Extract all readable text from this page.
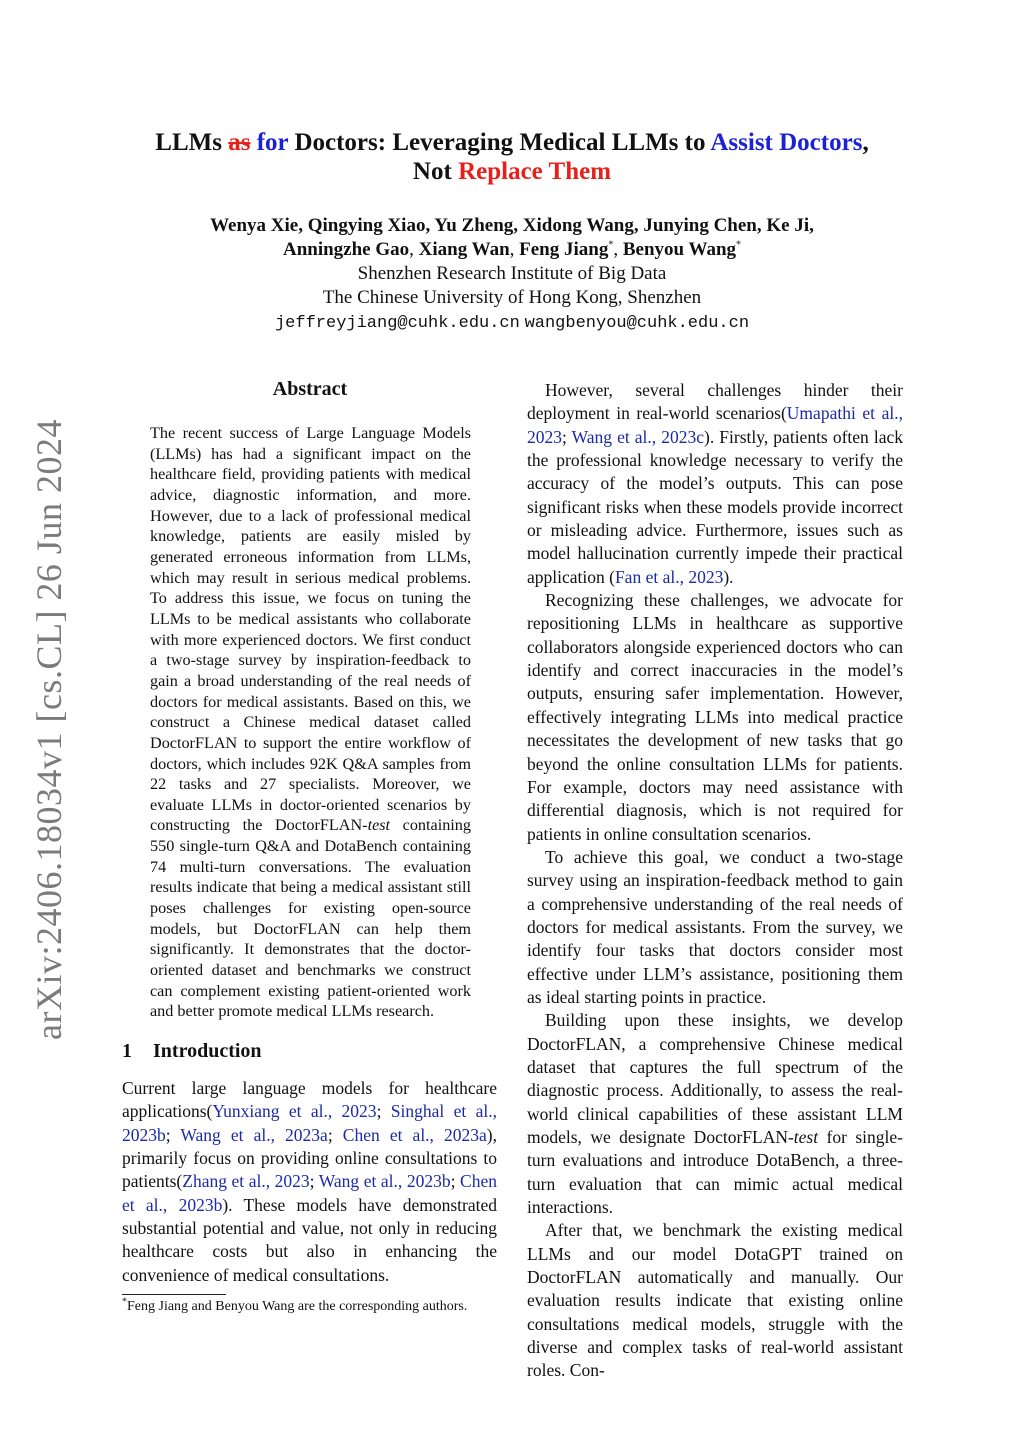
LLMs as for Doctors: Leveraging Medical LLMs to Assist Doctors,
Not Replace Them
Wenya Xie, Qingying Xiao, Yu Zheng, Xidong Wang, Junying Chen, Ke Ji,
Anningzhe Gao, Xiang Wan, Feng Jiang*, Benyou Wang*
Shenzhen Research Institute of Big Data
The Chinese University of Hong Kong, Shenzhen
jeffreyjiang@cuhk.edu.cn wangbenyou@cuhk.edu.cn
arXiv:2406.18034v1 [cs.CL] 26 Jun 2024
Abstract
The recent success of Large Language Models (LLMs) has had a significant impact on the healthcare field, providing patients with medical advice, diagnostic information, and more. However, due to a lack of professional medical knowledge, patients are easily misled by generated erroneous information from LLMs, which may result in serious medical problems. To address this issue, we focus on tuning the LLMs to be medical assistants who collaborate with more experienced doctors. We first conduct a two-stage survey by inspiration-feedback to gain a broad understanding of the real needs of doctors for medical assistants. Based on this, we construct a Chinese medical dataset called DoctorFLAN to support the entire workflow of doctors, which includes 92K Q&A samples from 22 tasks and 27 specialists. Moreover, we evaluate LLMs in doctor-oriented scenarios by constructing the DoctorFLAN-test containing 550 single-turn Q&A and DotaBench containing 74 multi-turn conversations. The evaluation results indicate that being a medical assistant still poses challenges for existing open-source models, but DoctorFLAN can help them significantly. It demonstrates that the doctor-oriented dataset and benchmarks we construct can complement existing patient-oriented work and better promote medical LLMs research.
1 Introduction

Current large language models for healthcare applications(Yunxiang et al., 2023; Singhal et al., 2023b; Wang et al., 2023a; Chen et al., 2023a), primarily focus on providing online consultations to patients(Zhang et al., 2023; Wang et al., 2023b; Chen et al., 2023b). These models have demonstrated substantial potential and value, not only in reducing healthcare costs but also in enhancing the convenience of medical consultations.

*Feng Jiang and Benyou Wang are the corresponding authors.

However, several challenges hinder their deployment in real-world scenarios(Umapathi et al., 2023; Wang et al., 2023c). Firstly, patients often lack the professional knowledge necessary to verify the accuracy of the model’s outputs. This can pose significant risks when these models provide incorrect or misleading advice. Furthermore, issues such as model hallucination currently impede their practical application (Fan et al., 2023).

Recognizing these challenges, we advocate for repositioning LLMs in healthcare as supportive collaborators alongside experienced doctors who can identify and correct inaccuracies in the model’s outputs, ensuring safer implementation. However, effectively integrating LLMs into medical practice necessitates the development of new tasks that go beyond the online consultation LLMs for patients. For example, doctors may need assistance with differential diagnosis, which is not required for patients in online consultation scenarios.

To achieve this goal, we conduct a two-stage survey using an inspiration-feedback method to gain a comprehensive understanding of the real needs of doctors for medical assistants. From the survey, we identify four tasks that doctors consider most effective under LLM’s assistance, positioning them as ideal starting points in practice.

Building upon these insights, we develop DoctorFLAN, a comprehensive Chinese medical dataset that captures the full spectrum of the diagnostic process. Additionally, to assess the real-world clinical capabilities of these assistant LLM models, we designate DoctorFLAN-test for single-turn evaluations and introduce DotaBench, a three-turn evaluation that can mimic actual medical interactions.

After that, we benchmark the existing medical LLMs and our model DotaGPT trained on DoctorFLAN automatically and manually. Our evaluation results indicate that existing online consultations medical models, struggle with the diverse and complex tasks of real-world assistant roles. Con-
